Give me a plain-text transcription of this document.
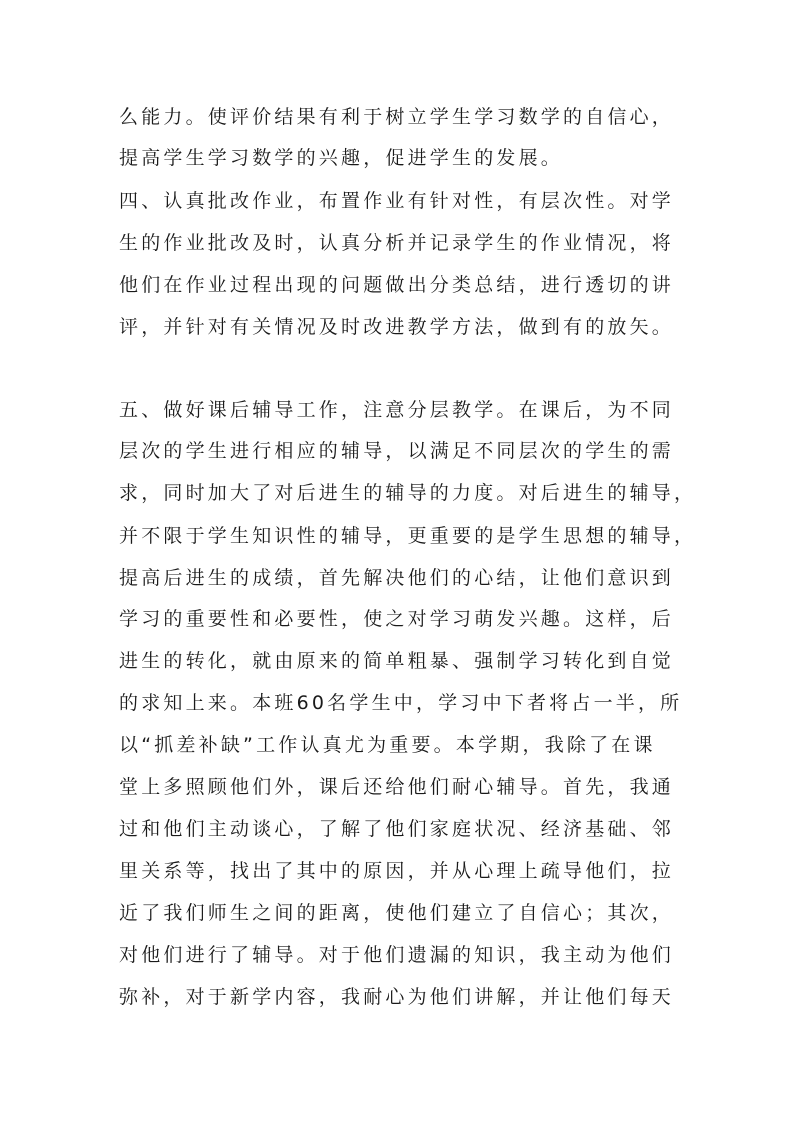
么能力。使评价结果有利于树立学生学习数学的自信心，
提高学生学习数学的兴趣，促进学生的发展。
四、认真批改作业，布置作业有针对性，有层次性。对学
生的作业批改及时，认真分析并记录学生的作业情况，将
他们在作业过程出现的问题做出分类总结，进行透切的讲
评，并针对有关情况及时改进教学方法，做到有的放矢。
五、做好课后辅导工作，注意分层教学。在课后，为不同
层次的学生进行相应的辅导，以满足不同层次的学生的需
求，同时加大了对后进生的辅导的力度。对后进生的辅导，
并不限于学生知识性的辅导，更重要的是学生思想的辅导，
提高后进生的成绩，首先解决他们的心结，让他们意识到
学习的重要性和必要性，使之对学习萌发兴趣。这样，后
进生的转化，就由原来的简单粗暴、强制学习转化到自觉
的求知上来。本班60名学生中，学习中下者将占一半，所
以“抓差补缺”工作认真尤为重要。本学期，我除了在课
堂上多照顾他们外，课后还给他们耐心辅导。首先，我通
过和他们主动谈心，了解了他们家庭状况、经济基础、邻
里关系等，找出了其中的原因，并从心理上疏导他们，拉
近了我们师生之间的距离，使他们建立了自信心；其次，
对他们进行了辅导。对于他们遗漏的知识，我主动为他们
弥补，对于新学内容，我耐心为他们讲解，并让他们每天
